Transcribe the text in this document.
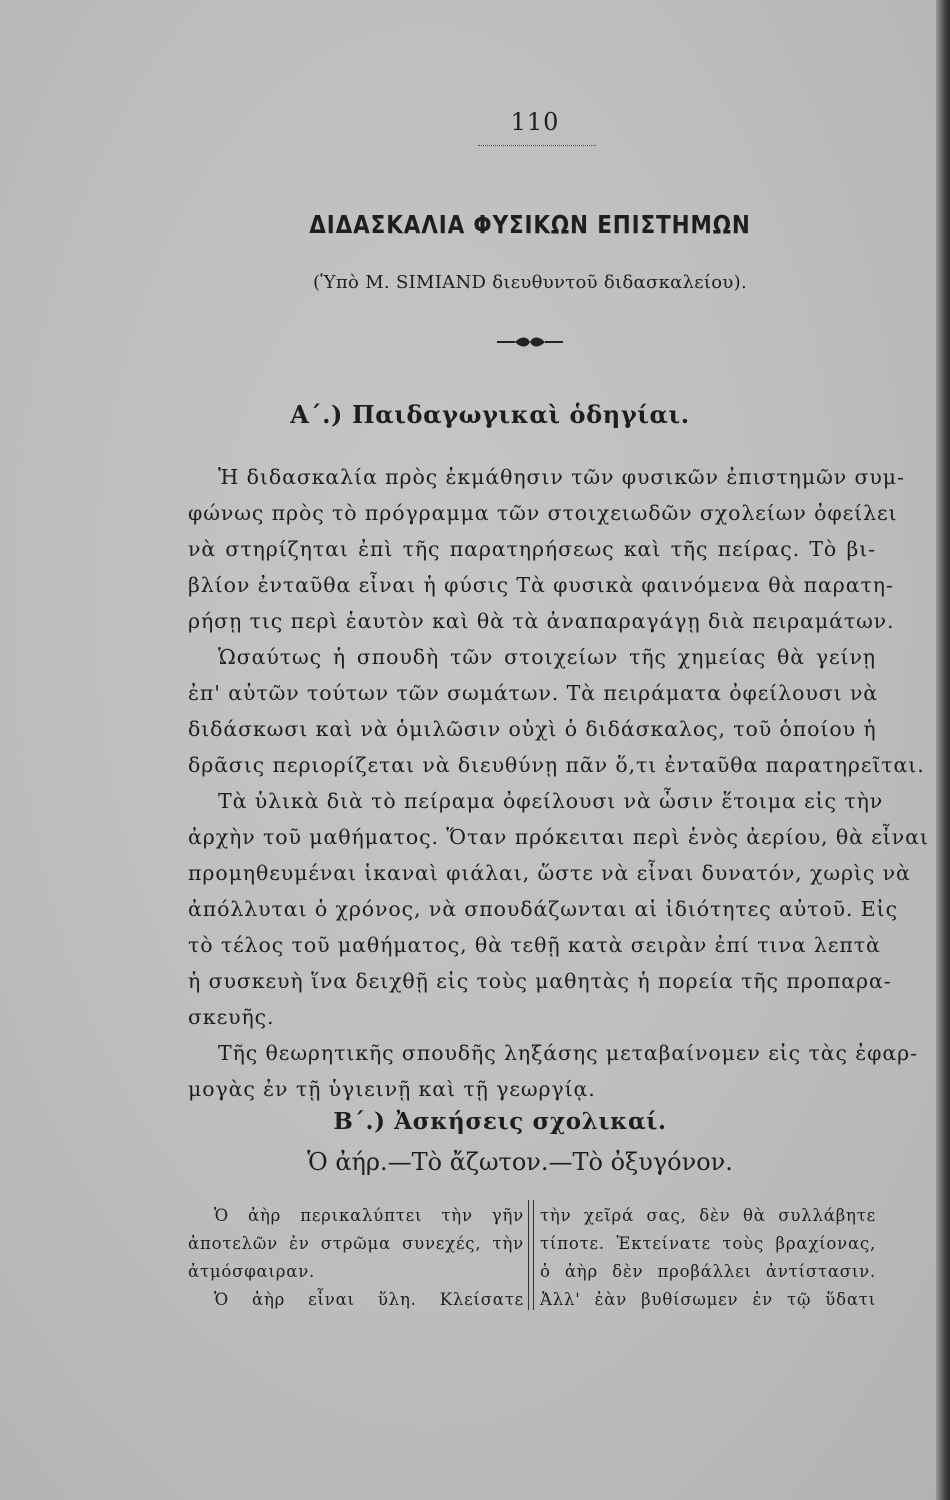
110
ΔΙΔΑΣΚΑΛΙΑ ΦΥΣΙΚΩΝ ΕΠΙΣΤΗΜΩΝ
(Ὑπὸ Μ. SIMIAND διευθυντοῦ διδασκαλείου).
Α΄.) Παιδαγωγικαὶ ὁδηγίαι.
Ἡ διδασκαλία πρὸς ἐκμάθησιν τῶν φυσικῶν ἐπιστημῶν συμ-
φώνως πρὸς τὸ πρόγραμμα τῶν στοιχειωδῶν σχολείων ὀφείλει
νὰ στηρίζηται ἐπὶ τῆς παρατηρήσεως καὶ τῆς πείρας. Τὸ βι-
βλίον ἐνταῦθα εἶναι ἡ φύσις Τὰ φυσικὰ φαινόμενα θὰ παρατη-
ρήσῃ τις περὶ ἑαυτὸν καὶ θὰ τὰ ἀναπαραγάγῃ διὰ πειραμάτων.
Ὡσαύτως ἡ σπουδὴ τῶν στοιχείων τῆς χημείας θὰ γείνῃ
ἐπ' αὐτῶν τούτων τῶν σωμάτων. Τὰ πειράματα ὀφείλουσι νὰ
διδάσκωσι καὶ νὰ ὁμιλῶσιν οὐχὶ ὁ διδάσκαλος, τοῦ ὁποίου ἡ
δρᾶσις περιορίζεται νὰ διευθύνῃ πᾶν ὅ,τι ἐνταῦθα παρατηρεῖται.
Τὰ ὑλικὰ διὰ τὸ πείραμα ὀφείλουσι νὰ ὦσιν ἕτοιμα εἰς τὴν
ἀρχὴν τοῦ μαθήματος. Ὅταν πρόκειται περὶ ἑνὸς ἀερίου, θὰ εἶναι
προμηθευμέναι ἱκαναὶ φιάλαι, ὥστε νὰ εἶναι δυνατόν, χωρὶς νὰ
ἀπόλλυται ὁ χρόνος, νὰ σπουδάζωνται αἱ ἰδιότητες αὐτοῦ. Εἰς
τὸ τέλος τοῦ μαθήματος, θὰ τεθῇ κατὰ σειρὰν ἐπί τινα λεπτὰ
ἡ συσκευὴ ἵνα δειχθῇ εἰς τοὺς μαθητὰς ἡ πορεία τῆς προπαρα-
σκευῆς.
Τῆς θεωρητικῆς σπουδῆς ληξάσης μεταβαίνομεν εἰς τὰς ἐφαρ-
μογὰς ἐν τῇ ὑγιεινῇ καὶ τῇ γεωργίᾳ.
Β΄.) Ἀσκήσεις σχολικαί.
Ὁ ἀήρ.—Τὸ ἄζωτον.—Τὸ ὀξυγόνον.
Ὁ ἀὴρ περικαλύπτει τὴν γῆν
ἀποτελῶν ἐν στρῶμα συνεχές, τὴν
ἀτμόσφαιραν.
Ὁ ἀὴρ εἶναι ὕλη. Κλείσατε
τὴν χεῖρά σας, δὲν θὰ συλλάβητε
τίποτε. Ἐκτείνατε τοὺς βραχίονας,
ὁ ἀὴρ δὲν προβάλλει ἀντίστασιν.
Ἀλλ' ἐὰν βυθίσωμεν ἐν τῷ ὕδατι
